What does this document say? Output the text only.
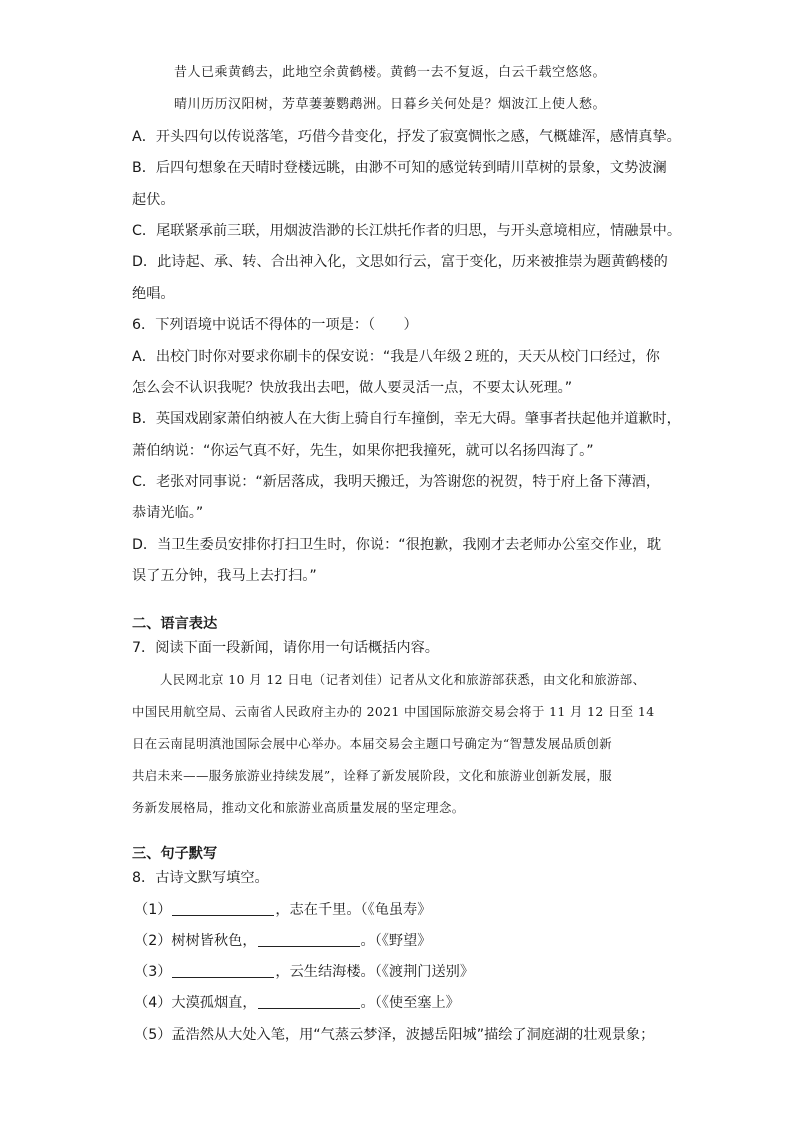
昔人已乘黄鹤去，此地空余黄鹤楼。黄鹤一去不复返，白云千载空悠悠。
晴川历历汉阳树，芳草萋萋鹦鹉洲。日暮乡关何处是？烟波江上使人愁。
A．开头四句以传说落笔，巧借今昔变化，抒发了寂寞惆怅之感，气概雄浑，感情真挚。
B．后四句想象在天晴时登楼远眺，由渺不可知的感觉转到晴川草树的景象，文势波澜
起伏。
C．尾联紧承前三联，用烟波浩渺的长江烘托作者的归思，与开头意境相应，情融景中。
D．此诗起、承、转、合出神入化，文思如行云，富于变化，历来被推崇为题黄鹤楼的
绝唱。
6．下列语境中说话不得体的一项是：（　　）
A．出校门时你对要求你刷卡的保安说：“我是八年级２班的，天天从校门口经过，你
怎么会不认识我呢？快放我出去吧，做人要灵活一点，不要太认死理。”
B．英国戏剧家萧伯纳被人在大街上骑自行车撞倒，幸无大碍。肇事者扶起他并道歉时，
萧伯纳说：“你运气真不好，先生，如果你把我撞死，就可以名扬四海了。”
C．老张对同事说：“新居落成，我明天搬迁，为答谢您的祝贺，特于府上备下薄酒，
恭请光临。”
D．当卫生委员安排你打扫卫生时，你说：“很抱歉，我刚才去老师办公室交作业，耽
误了五分钟，我马上去打扫。”
二、语言表达
7．阅读下面一段新闻，请你用一句话概括内容。
人民网北京 10 月 12 日电（记者刘佳）记者从文化和旅游部获悉，由文化和旅游部、
中国民用航空局、云南省人民政府主办的 2021 中国国际旅游交易会将于 11 月 12 日至 14
日在云南昆明滇池国际会展中心举办。本届交易会主题口号确定为“智慧发展品质创新
共启未来——服务旅游业持续发展”，诠释了新发展阶段，文化和旅游业创新发展，服
务新发展格局，推动文化和旅游业高质量发展的坚定理念。
三、句子默写
8．古诗文默写填空。
（1）	，志在千里。（《龟虽寿》
（2）树树皆秋色，	。（《野望》
（3）	，云生结海楼。（《渡荆门送别》
（4）大漠孤烟直，	。（《使至塞上》
（5）孟浩然从大处入笔，用“气蒸云梦泽，波撼岳阳城”描绘了洞庭湖的壮观景象；
